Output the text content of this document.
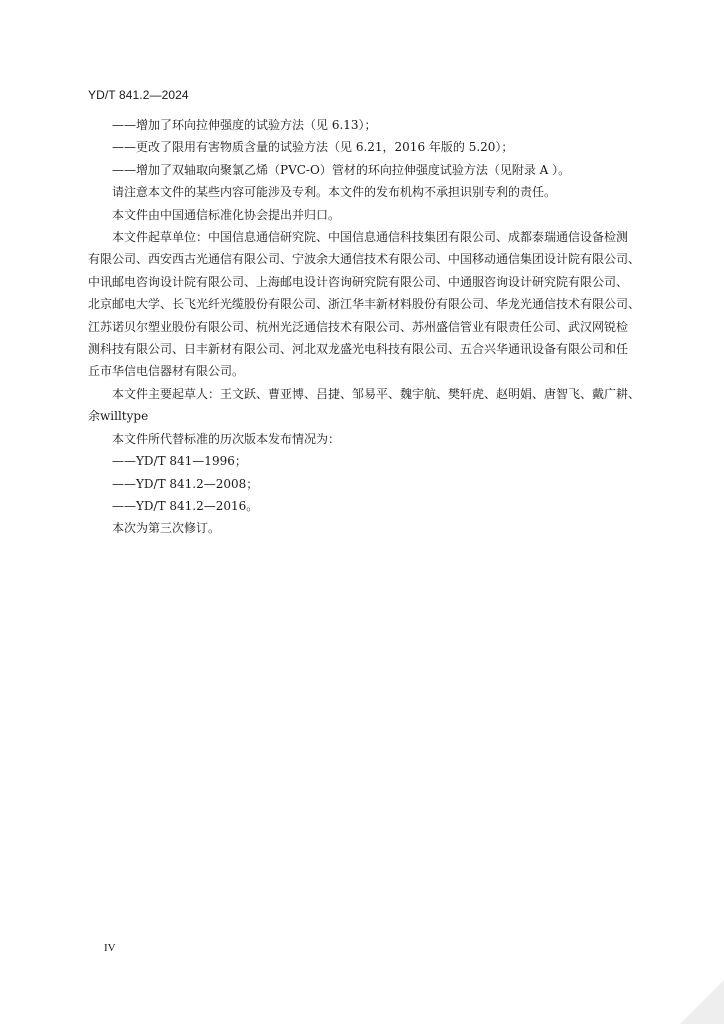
YD/T 841.2—2024
——增加了环向拉伸强度的试验方法（见 6.13）；
——更改了限用有害物质含量的试验方法（见 6.21，2016 年版的 5.20）；
——增加了双轴取向聚氯乙烯（PVC-O）管材的环向拉伸强度试验方法（见附录 A ）。
请注意本文件的某些内容可能涉及专利。本文件的发布机构不承担识别专利的责任。
本文件由中国通信标准化协会提出并归口。
本文件起草单位：中国信息通信研究院、中国信息通信科技集团有限公司、成都泰瑞通信设备检测
有限公司、西安西古光通信有限公司、宁波余大通信技术有限公司、中国移动通信集团设计院有限公司、
中讯邮电咨询设计院有限公司、上海邮电设计咨询研究院有限公司、中通服咨询设计研究院有限公司、
北京邮电大学、长飞光纤光缆股份有限公司、浙江华丰新材料股份有限公司、华龙光通信技术有限公司、
江苏诺贝尔塑业股份有限公司、杭州光泛通信技术有限公司、苏州盛信管业有限责任公司、武汉网锐检
测科技有限公司、日丰新材有限公司、河北双龙盛光电科技有限公司、五合兴华通讯设备有限公司和任
丘市华信电信器材有限公司。
本文件主要起草人：王文跃、曹亚博、吕捷、邹易平、魏宇航、樊轩虎、赵明娟、唐智飞、戴广耕、
余willtype
本文件所代替标准的历次版本发布情况为：
——YD/T 841—1996；
——YD/T 841.2—2008；
——YD/T 841.2—2016。
本次为第三次修订。
IV
